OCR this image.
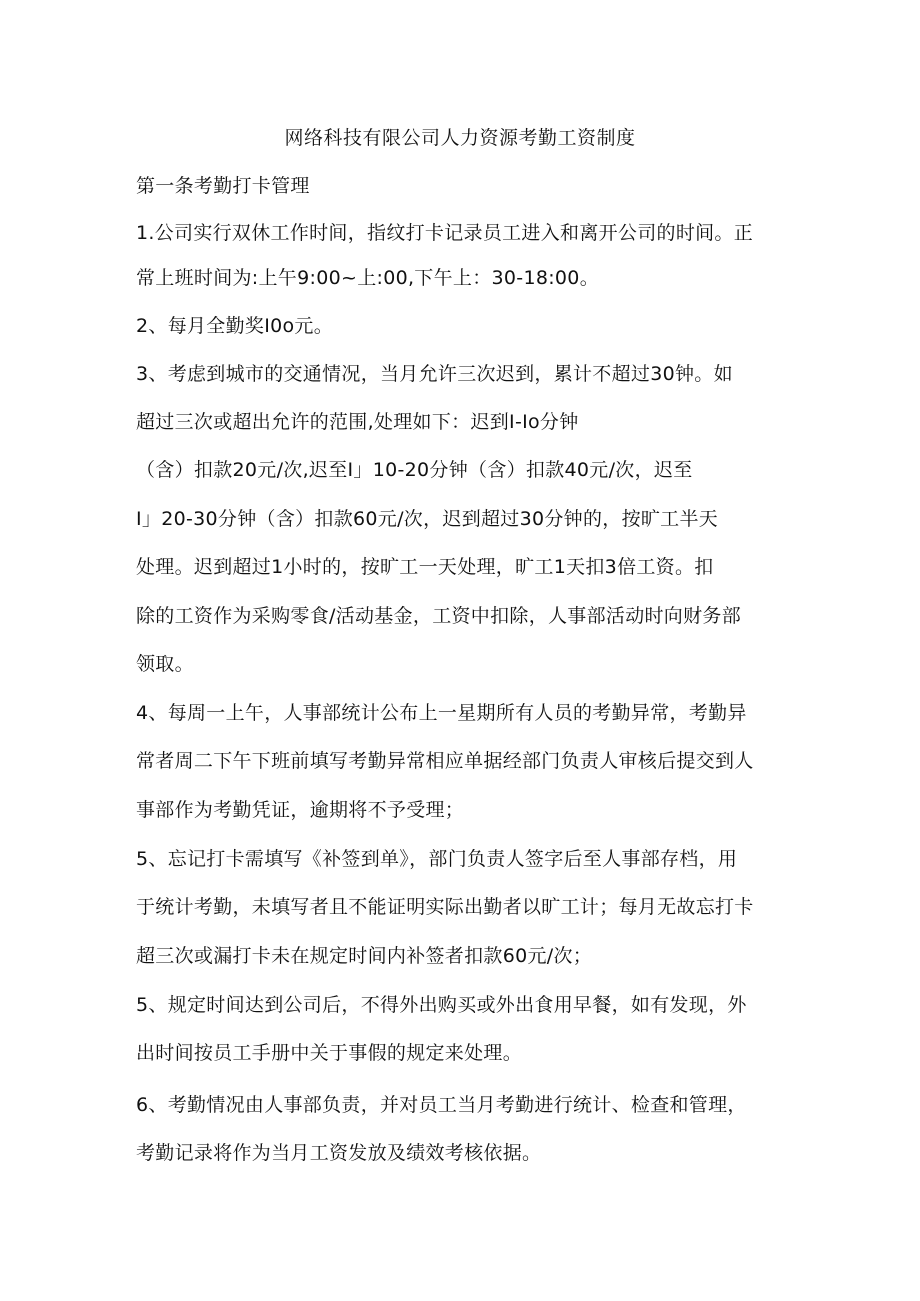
网络科技有限公司人力资源考勤工资制度
第一条考勤打卡管理
1.公司实行双休工作时间，指纹打卡记录员工进入和离开公司的时间。正
常上班时间为:上午9:00~上:00,下午上：30-18:00。
2、每月全勤奖I0o元。
3、考虑到城市的交通情况，当月允许三次迟到，累计不超过30钟。如
超过三次或超出允许的范围,处理如下：迟到I-Io分钟
（含）扣款20元/次,迟至I」10-20分钟（含）扣款40元/次，迟至
I」20-30分钟（含）扣款60元/次，迟到超过30分钟的，按旷工半天
处理。迟到超过1小时的，按旷工一天处理，旷工1天扣3倍工资。扣
除的工资作为采购零食/活动基金，工资中扣除，人事部活动时向财务部
领取。
4、每周一上午，人事部统计公布上一星期所有人员的考勤异常，考勤异
常者周二下午下班前填写考勤异常相应单据经部门负责人审核后提交到人
事部作为考勤凭证，逾期将不予受理；
5、忘记打卡需填写《补签到单》，部门负责人签字后至人事部存档，用
于统计考勤，未填写者且不能证明实际出勤者以旷工计；每月无故忘打卡
超三次或漏打卡未在规定时间内补签者扣款60元/次；
5、规定时间达到公司后，不得外出购买或外出食用早餐，如有发现，外
出时间按员工手册中关于事假的规定来处理。
6、考勤情况由人事部负责，并对员工当月考勤进行统计、检查和管理，
考勤记录将作为当月工资发放及绩效考核依据。
